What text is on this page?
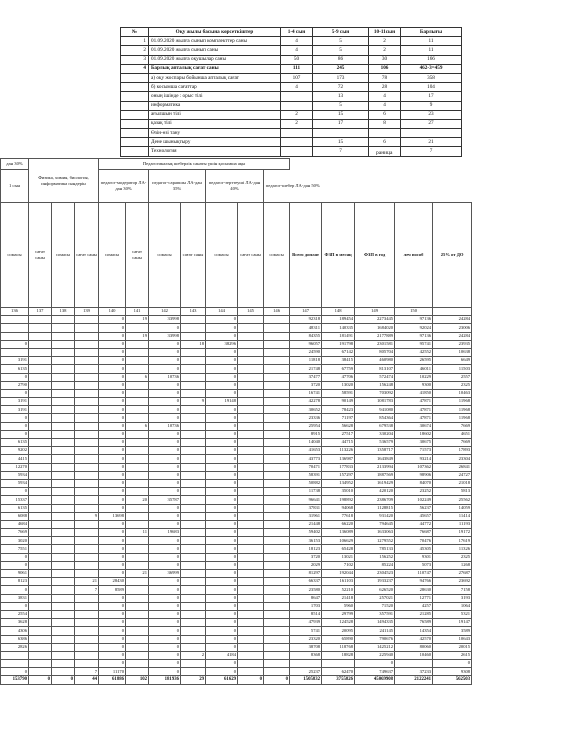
№	Оқу жылы басына көрсеткіштер	1-4 сын	5-9 сын	10-11сын	Барлығы
1	01.09.2020 жылға сынып комплекттер саны	4	5	2	11
2	01.09.2020 жылға сынып саны	4	5	2	11
3	01.09.2020 жылға оқушылар саны	50	86	30	166
4	Барлық апталық сағат саны	111	245	106	462-3=459
	а) оқу жоспары бойынша апталық сағат	107	173	78	358
	б) косымша сағаттар	4	72	28	104
	оның ішінде : орыс тілі		13	4	17
	информатика		5	4	9
	ағылшын тілі	2	15	6	23
	қазақ тілі	2	17	8	27
	Өзін-өзі тану				
	Дене шынықтыру		15	6	21
	Технология		7		7
раница
дан 30%	Физика, химия, биология, информатика пәндерін			Педагогикалық шеберлік санаты үшін қосымша ақы											
1 сын				педагог-модератор ЛА-дан 30%		педагог-сарапшы ЛА-дан 35%		педагог-зерттеуші ЛА-дан 40%		педагог-шебер ЛА-дан 50%					
сомасы	сағат саны	сомасы	сағат саны	сомасы	сағат саны	сомасы	сағат саны	сомасы	сағат саны	сомасы	Всего доплат	ФЗП в месяц	ФЗП в год	леч пособ	25% от ДО
136	137	138	139	140	141	142	143	144	145	146	147	148	149	150	
				0	19	33998		0			92318	189454	2273445	97136	24284
				0		0		0			48311	140335	1684020	92024	23006
				0	19	33998		0			84355	181491	2177889	97136	24284
0				0		0	18	38296			96057	191798	2301581	95741	23935
				0		0		0			24590	67142	805704	42552	10638
3191				0		0		0			11818	38415	460980	26595	6649
6135				0		0		0			21748	67759	813107	46011	11503
0				0	6	10736		0			37477	47706	572474	10229	2557
2790				0		0		0			3720	13020	156248	9300	2325
0				0		0		0			16741	58591	703092	41850	10463
3191				0		0	9	19148			42278	90149	1081783	47871	11968
3191				0		0		0			30652	78423	941080	47871	11968
0				0		0		0			23336	71197	854364	47871	11968
0				0	6	10736		0			25954	56628	679538	30674	7669
0				0		0		0			8915	27517	330204	18602	4651
6135				0		0		0			14040	44715	536579	30675	7669
9202				0		0		0			41653	113226	1358717	71573	17893
4415				0		0		0			43773	136987	1643849	93214	23304
12270				0		0		0			70471	177833	2133994	107362	26841
5934				0		0		0			58391	157297	1887569	98906	24727
5934				0		0		0			50882	134952	1619429	84070	21018
0				0		0		0			11738	35010	420120	23252	5813
15337				0	20	35787		0			96641	198892	2386709	102249	25562
6135				0		0		0			37831	94068	1128815	56237	14059
6088			9	13698		0		0			31961	77618	931420	45657	11414
4684				0		0		0			21448	66220	794645	44772	11193
7669				0	11	19683		0			59402	136089	1633063	76687	19172
3020				0		0		0			36153	106629	1279552	70476	17619
7551				0		0		0			18123	65428	785133	45305	11326
0				0		0		0			3720	13021	156252	9301	2325
0				0		0		0			2029	7102	85224	5073	1268
9061				0	21	36999		0			81297	192044	2304523	110747	27687
8123			21	28430		0		0			66337	161103	1933237	94766	23692
0			7	8589		0		0			23580	52210	626520	28630	7158
3831				0		0		0			8647	21418	257021	12771	3193
0				0		0		0			1703	5960	71520	4257	1064
2554				0		0		0			8514	29799	357591	21285	5321
3628				0		0		0			47939	124528	1494335	76589	19147
4306				0		0		0			5741	20095	241145	14354	3589
6386				0		0		0			23320	65890	790676	42570	10643
2826				0		0		0			38708	118768	1425212	80060	20015
				0		0	2	4184			8368	18828	225940	10460	2615
				0		0		0					0		0
0			7	11170		0		0			25237	62470	749637	37233	9308
153790	0	0	44	61886	102	181936	29	61629	0	0	1505832	3755826	45069908	2122241	562503
